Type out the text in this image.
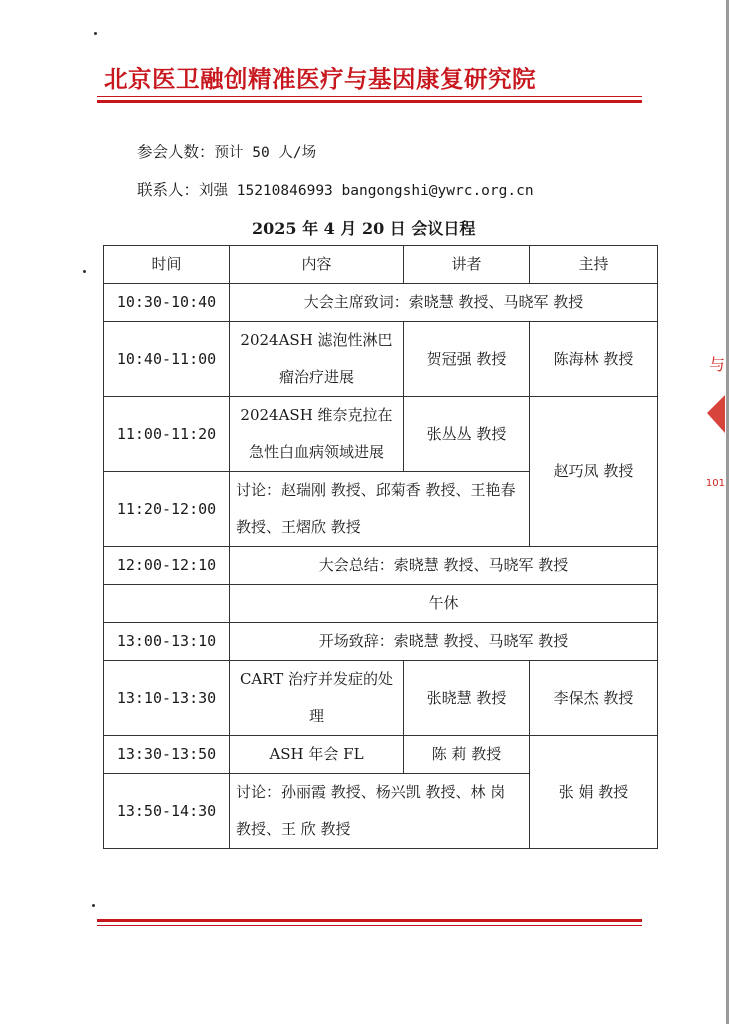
北京医卫融创精准医疗与基因康复研究院
参会人数：预计 50 人/场
联系人：刘强 15210846993 bangongshi@ywrc.org.cn
2025 年 4 月 20 日 会议日程
时间	内容	讲者	主持
10:30-10:40	大会主席致词：索晓慧 教授、马晓军 教授		
10:40-11:00	2024ASH 滤泡性淋巴瘤治疗进展	贺冠强 教授	陈海林 教授
11:00-11:20	2024ASH 维奈克拉在急性白血病领域进展	张丛丛 教授	赵巧凤 教授
11:20-12:00	讨论：赵瑞刚 教授、邱菊香 教授、王艳春 教授、王熠欣 教授		
12:00-12:10	大会总结：索晓慧 教授、马晓军 教授		
	午休		
13:00-13:10	开场致辞：索晓慧 教授、马晓军 教授		
13:10-13:30	CART 治疗并发症的处理	张晓慧 教授	李保杰 教授
13:30-13:50	ASH 年会 FL	陈 莉 教授	张 娟 教授
13:50-14:30	讨论：孙丽霞 教授、杨兴凯 教授、林 岗 教授、王 欣 教授		
与
101
